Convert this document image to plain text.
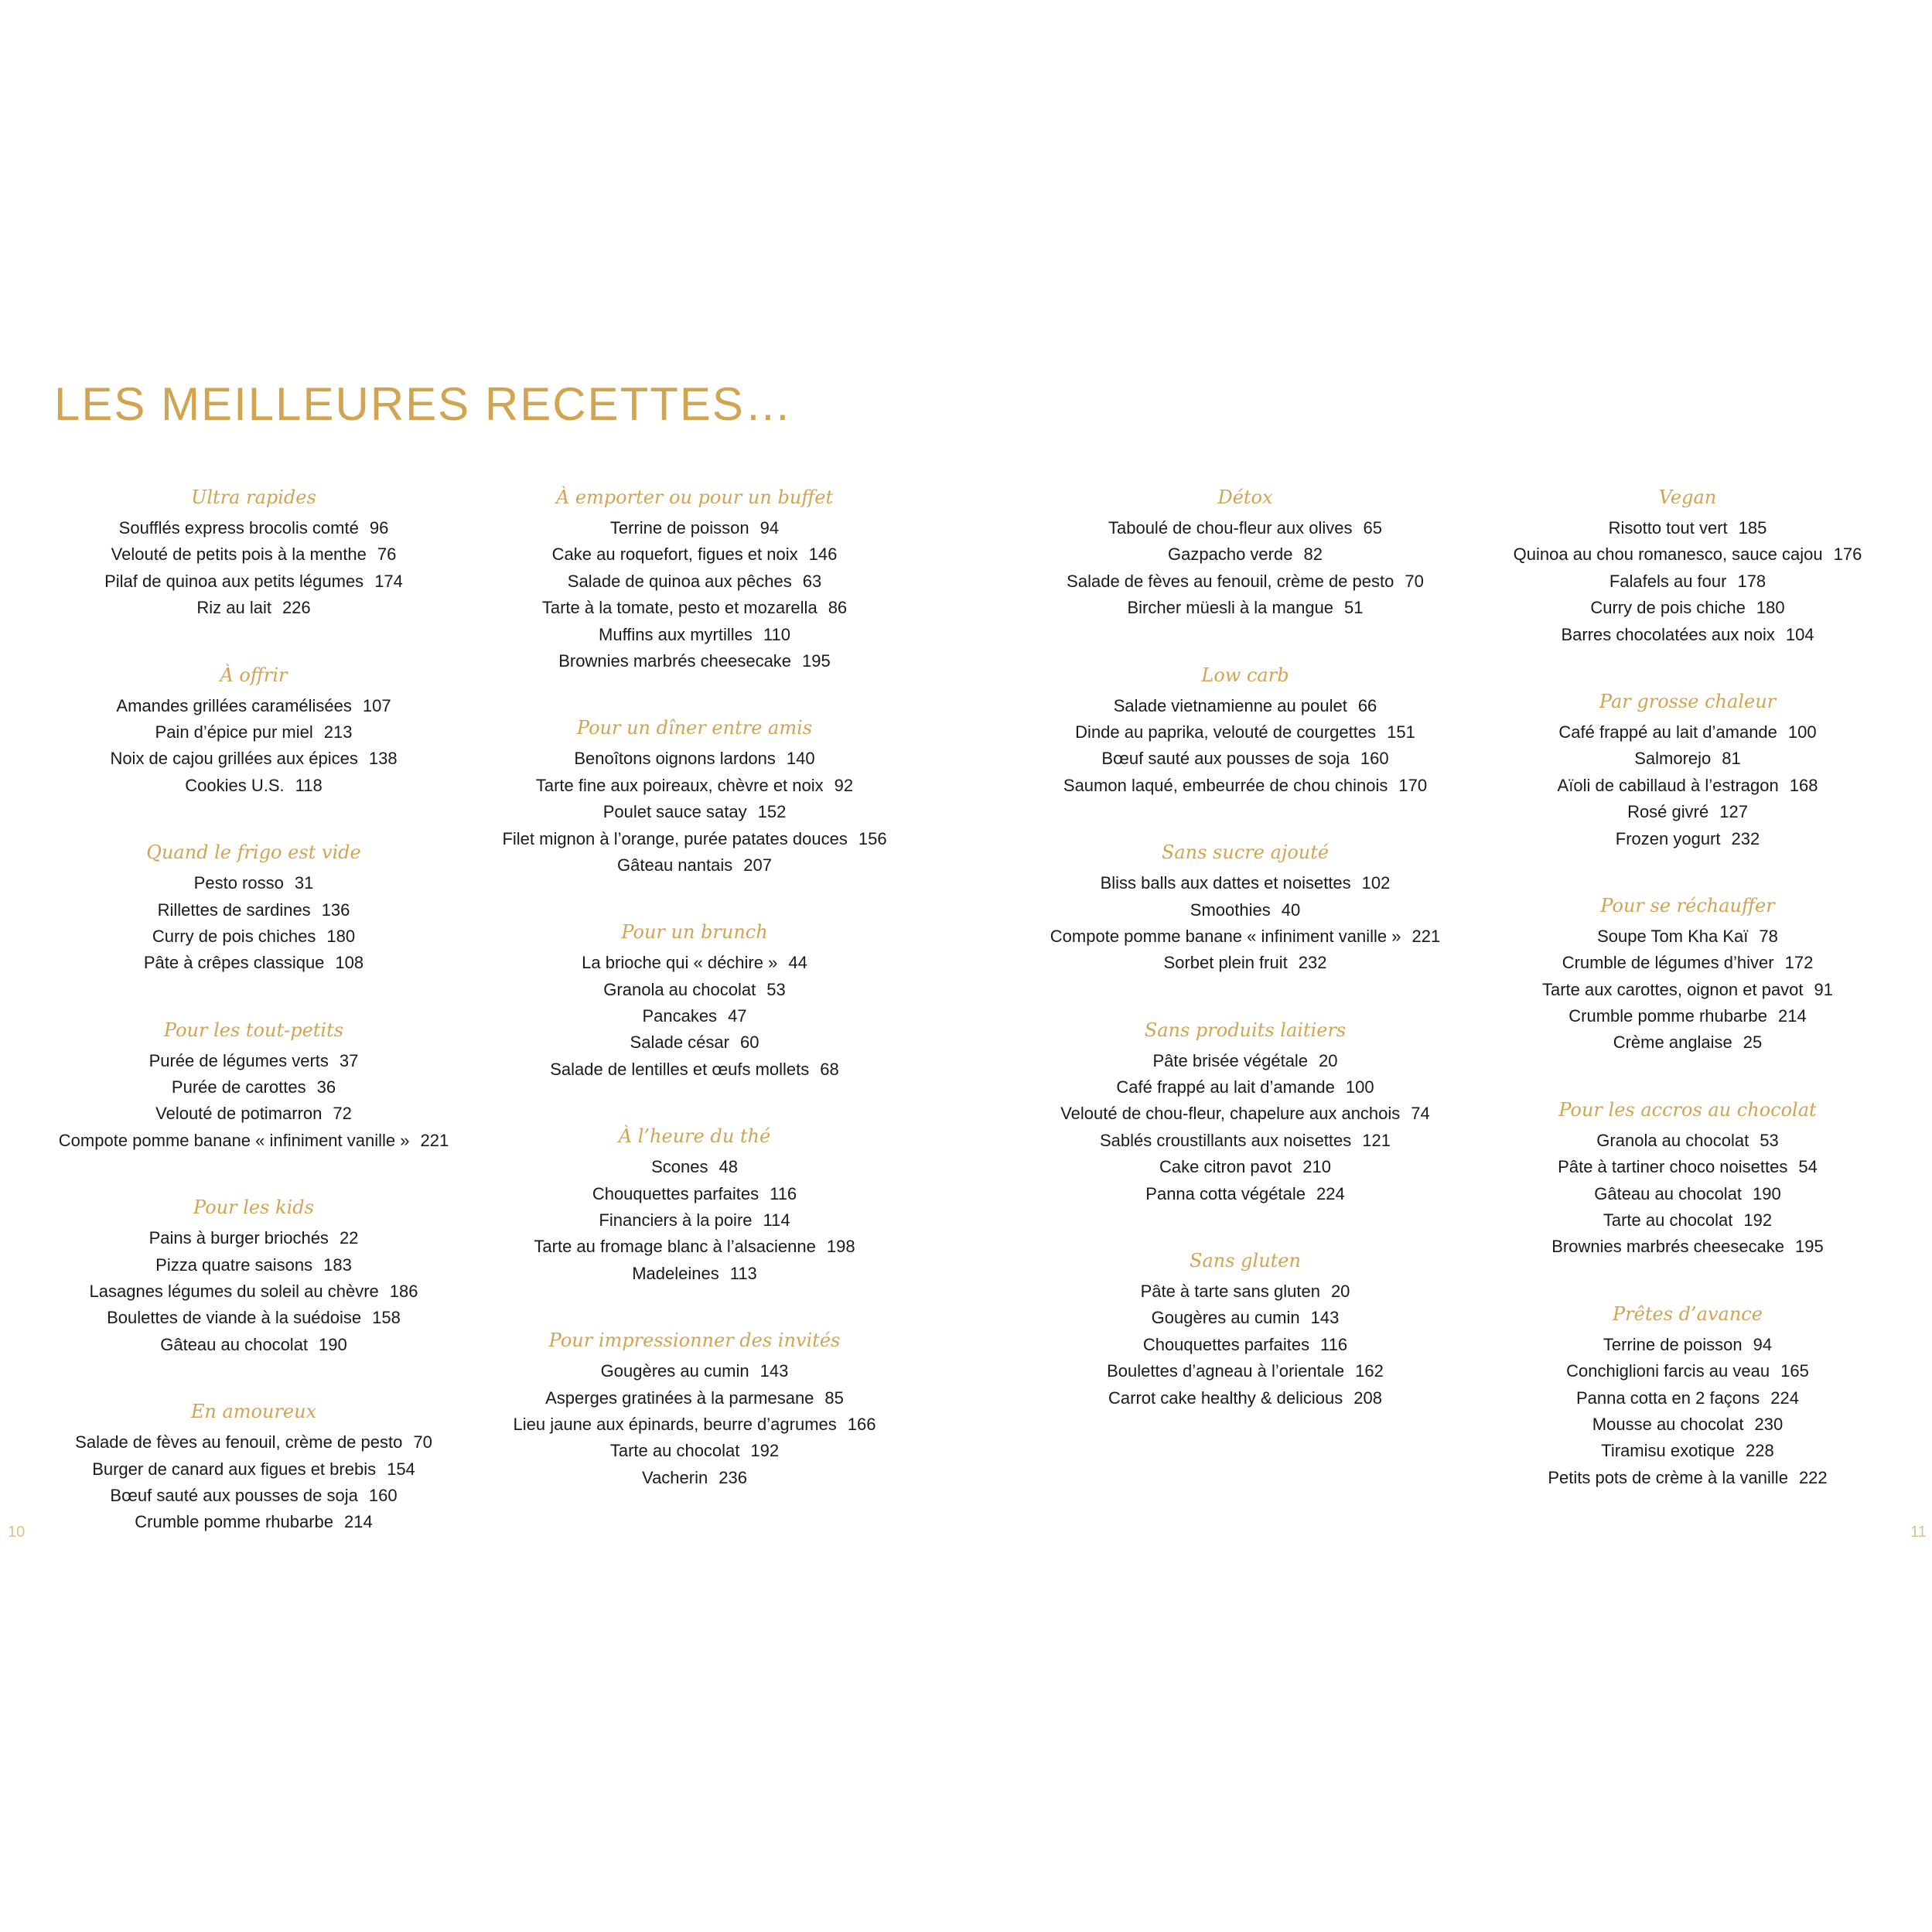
LES MEILLEURES RECETTES…
Ultra rapides
Soufflés express brocolis comté 96
Velouté de petits pois à la menthe 76
Pilaf de quinoa aux petits légumes 174
Riz au lait 226
À offrir
Amandes grillées caramélisées 107
Pain d’épice pur miel 213
Noix de cajou grillées aux épices 138
Cookies U.S. 118
Quand le frigo est vide
Pesto rosso 31
Rillettes de sardines 136
Curry de pois chiches 180
Pâte à crêpes classique 108
Pour les tout-petits
Purée de légumes verts 37
Purée de carottes 36
Velouté de potimarron 72
Compote pomme banane « infiniment vanille » 221
Pour les kids
Pains à burger briochés 22
Pizza quatre saisons 183
Lasagnes légumes du soleil au chèvre 186
Boulettes de viande à la suédoise 158
Gâteau au chocolat 190
En amoureux
Salade de fèves au fenouil, crème de pesto 70
Burger de canard aux figues et brebis 154
Bœuf sauté aux pousses de soja 160
Crumble pomme rhubarbe 214
À emporter ou pour un buffet
Terrine de poisson 94
Cake au roquefort, figues et noix 146
Salade de quinoa aux pêches 63
Tarte à la tomate, pesto et mozarella 86
Muffins aux myrtilles 110
Brownies marbrés cheesecake 195
Pour un dîner entre amis
Benoîtons oignons lardons 140
Tarte fine aux poireaux, chèvre et noix 92
Poulet sauce satay 152
Filet mignon à l’orange, purée patates douces 156
Gâteau nantais 207
Pour un brunch
La brioche qui « déchire » 44
Granola au chocolat 53
Pancakes 47
Salade césar 60
Salade de lentilles et œufs mollets 68
À l’heure du thé
Scones 48
Chouquettes parfaites 116
Financiers à la poire 114
Tarte au fromage blanc à l’alsacienne 198
Madeleines 113
Pour impressionner des invités
Gougères au cumin 143
Asperges gratinées à la parmesane 85
Lieu jaune aux épinards, beurre d’agrumes 166
Tarte au chocolat 192
Vacherin 236
Détox
Taboulé de chou-fleur aux olives 65
Gazpacho verde 82
Salade de fèves au fenouil, crème de pesto 70
Bircher müesli à la mangue 51
Low carb
Salade vietnamienne au poulet 66
Dinde au paprika, velouté de courgettes 151
Bœuf sauté aux pousses de soja 160
Saumon laqué, embeurrée de chou chinois 170
Sans sucre ajouté
Bliss balls aux dattes et noisettes 102
Smoothies 40
Compote pomme banane « infiniment vanille » 221
Sorbet plein fruit 232
Sans produits laitiers
Pâte brisée végétale 20
Café frappé au lait d’amande 100
Velouté de chou-fleur, chapelure aux anchois 74
Sablés croustillants aux noisettes 121
Cake citron pavot 210
Panna cotta végétale 224
Sans gluten
Pâte à tarte sans gluten 20
Gougères au cumin 143
Chouquettes parfaites 116
Boulettes d’agneau à l’orientale 162
Carrot cake healthy & delicious 208
Vegan
Risotto tout vert 185
Quinoa au chou romanesco, sauce cajou 176
Falafels au four 178
Curry de pois chiche 180
Barres chocolatées aux noix 104
Par grosse chaleur
Café frappé au lait d’amande 100
Salmorejo 81
Aïoli de cabillaud à l’estragon 168
Rosé givré 127
Frozen yogurt 232
Pour se réchauffer
Soupe Tom Kha Kaï 78
Crumble de légumes d’hiver 172
Tarte aux carottes, oignon et pavot 91
Crumble pomme rhubarbe 214
Crème anglaise 25
Pour les accros au chocolat
Granola au chocolat 53
Pâte à tartiner choco noisettes 54
Gâteau au chocolat 190
Tarte au chocolat 192
Brownies marbrés cheesecake 195
Prêtes d’avance
Terrine de poisson 94
Conchiglioni farcis au veau 165
Panna cotta en 2 façons 224
Mousse au chocolat 230
Tiramisu exotique 228
Petits pots de crème à la vanille 222
10	11
